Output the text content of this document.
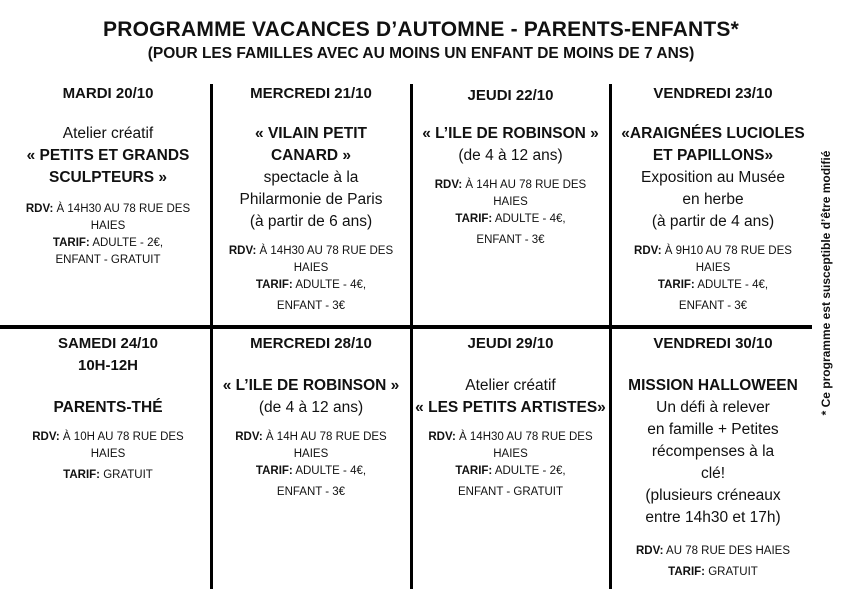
PROGRAMME VACANCES D’AUTOMNE - PARENTS-ENFANTS*
(POUR LES FAMILLES AVEC AU MOINS UN ENFANT DE MOINS DE 7 ANS)
MARDI 20/10
Atelier créatif
« PETITS ET GRANDS
SCULPTEURS »
RDV: À 14H30 AU 78 RUE DES
HAIES
TARIF: ADULTE - 2€,
ENFANT - GRATUIT
MERCREDI 21/10
« VILAIN PETIT
CANARD »
spectacle à la
Philarmonie de Paris
(à partir de 6 ans)
RDV: À 14H30 AU 78 RUE DES
HAIES
TARIF: ADULTE - 4€,
ENFANT - 3€
JEUDI 22/10
« L’ILE DE ROBINSON »
(de 4 à 12 ans)
RDV: À 14H AU 78 RUE DES
HAIES
TARIF: ADULTE - 4€,
ENFANT - 3€
VENDREDI 23/10
«ARAIGNÉES LUCIOLES
ET PAPILLONS»
Exposition au Musée
en herbe
(à partir de 4 ans)
RDV: À 9H10 AU 78 RUE DES
HAIES
TARIF: ADULTE - 4€,
ENFANT - 3€
SAMEDI 24/10
10H-12H
PARENTS-THÉ
RDV: À 10H AU 78 RUE DES
HAIES
TARIF: GRATUIT
MERCREDI 28/10
« L’ILE DE ROBINSON »
(de 4 à 12 ans)
RDV: À 14H AU 78 RUE DES
HAIES
TARIF: ADULTE - 4€,
ENFANT - 3€
JEUDI 29/10
Atelier créatif
« LES PETITS ARTISTES»
RDV: À 14H30 AU 78 RUE DES
HAIES
TARIF: ADULTE - 2€,
ENFANT - GRATUIT
VENDREDI 30/10
MISSION HALLOWEEN
Un défi à relever
en famille + Petites
récompenses à la
clé!
(plusieurs créneaux
entre 14h30 et 17h)
RDV: AU 78 RUE DES HAIES
TARIF: GRATUIT
* Ce programme est susceptible d’être modifié
